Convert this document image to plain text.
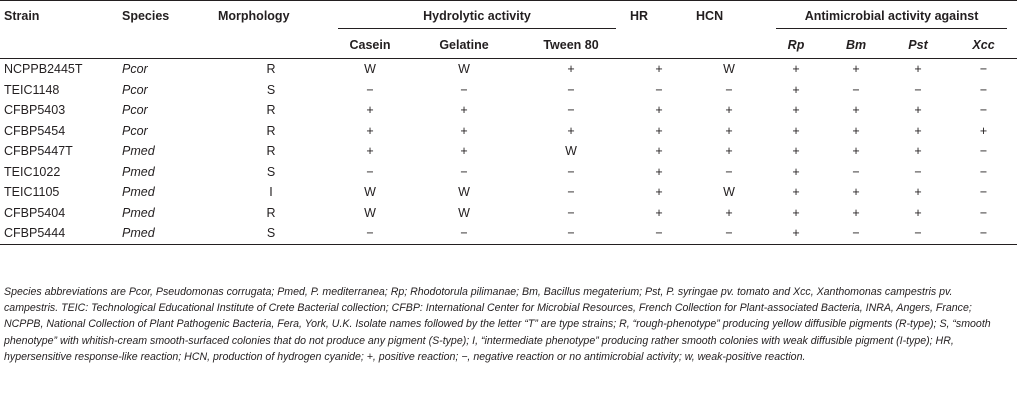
Strain	Species	Morphology	Hydrolytic activity			HR	HCN	Antimicrobial activity against			
			Casein	Gelatine	Tween 80			Rp	Bm	Pst	Xcc
NCPPB2445T	Pcor	R	W	W	+	+	W	+	+	+	−
TEIC1148	Pcor	S	−	−	−	−	−	+	−	−	−
CFBP5403	Pcor	R	+	+	−	+	+	+	+	+	−
CFBP5454	Pcor	R	+	+	+	+	+	+	+	+	+
CFBP5447T	Pmed	R	+	+	W	+	+	+	+	+	−
TEIC1022	Pmed	S	−	−	−	+	−	+	−	−	−
TEIC1105	Pmed	I	W	W	−	+	W	+	+	+	−
CFBP5404	Pmed	R	W	W	−	+	+	+	+	+	−
CFBP5444	Pmed	S	−	−	−	−	−	+	−	−	−
Species abbreviations are Pcor, Pseudomonas corrugata; Pmed, P. mediterranea; Rp; Rhodotorula pilimanae; Bm, Bacillus megaterium; Pst, P. syringae pv. tomato and Xcc, Xanthomonas campestris pv. campestris. TEIC: Technological Educational Institute of Crete Bacterial collection; CFBP: International Center for Microbial Resources, French Collection for Plant-associated Bacteria, INRA, Angers, France; NCPPB, National Collection of Plant Pathogenic Bacteria, Fera, York, U.K. Isolate names followed by the letter “T” are type strains; R, “rough-phenotype” producing yellow diffusible pigments (R-type); S, “smooth phenotype” with whitish-cream smooth-surfaced colonies that do not produce any pigment (S-type); I, “intermediate phenotype” producing rather smooth colonies with weak diffusible pigment (I-type); HR, hypersensitive response-like reaction; HCN, production of hydrogen cyanide; +, positive reaction; −, negative reaction or no antimicrobial activity; w, weak-positive reaction.
